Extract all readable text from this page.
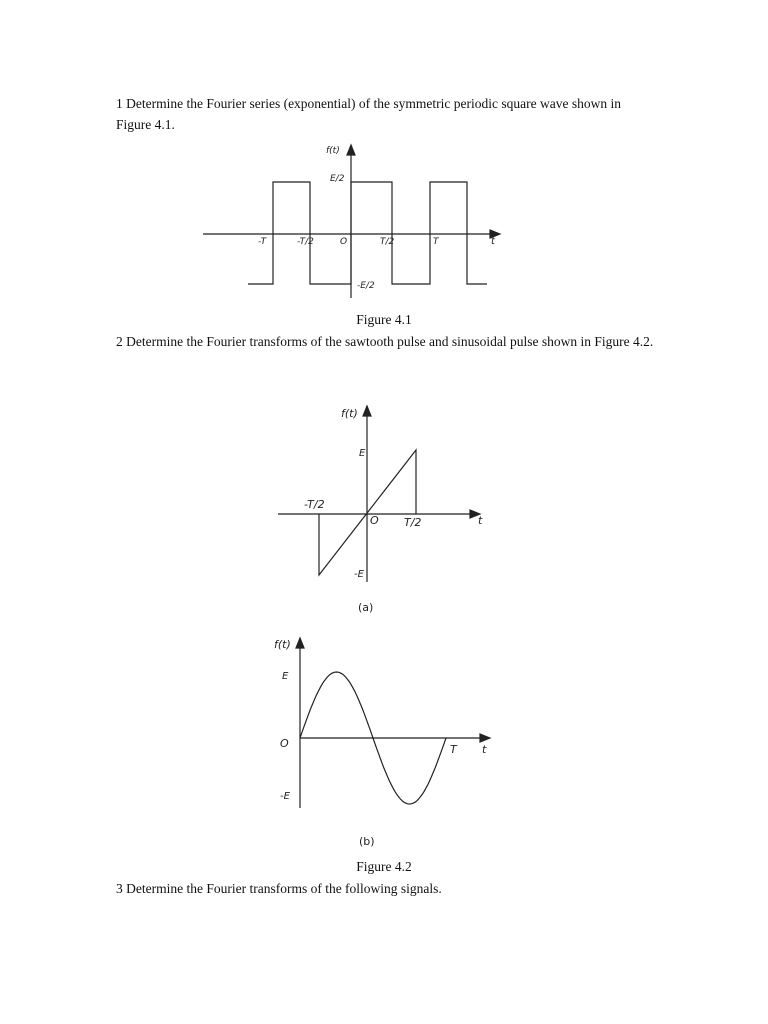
1 Determine the Fourier series (exponential) of the symmetric periodic square wave shown in Figure 4.1.

f(t)
E/2
-E/2
-T	-T/2	O	T/2	T	t
Figure 4.1

2 Determine the Fourier transforms of the sawtooth pulse and sinusoidal pulse shown in Figure 4.2.

f(t)
E
-E
-T/2
O T/2	t
(a)
f(t)
E
O
-E
T t
(b)
Figure 4.2

3 Determine the Fourier transforms of the following signals.
